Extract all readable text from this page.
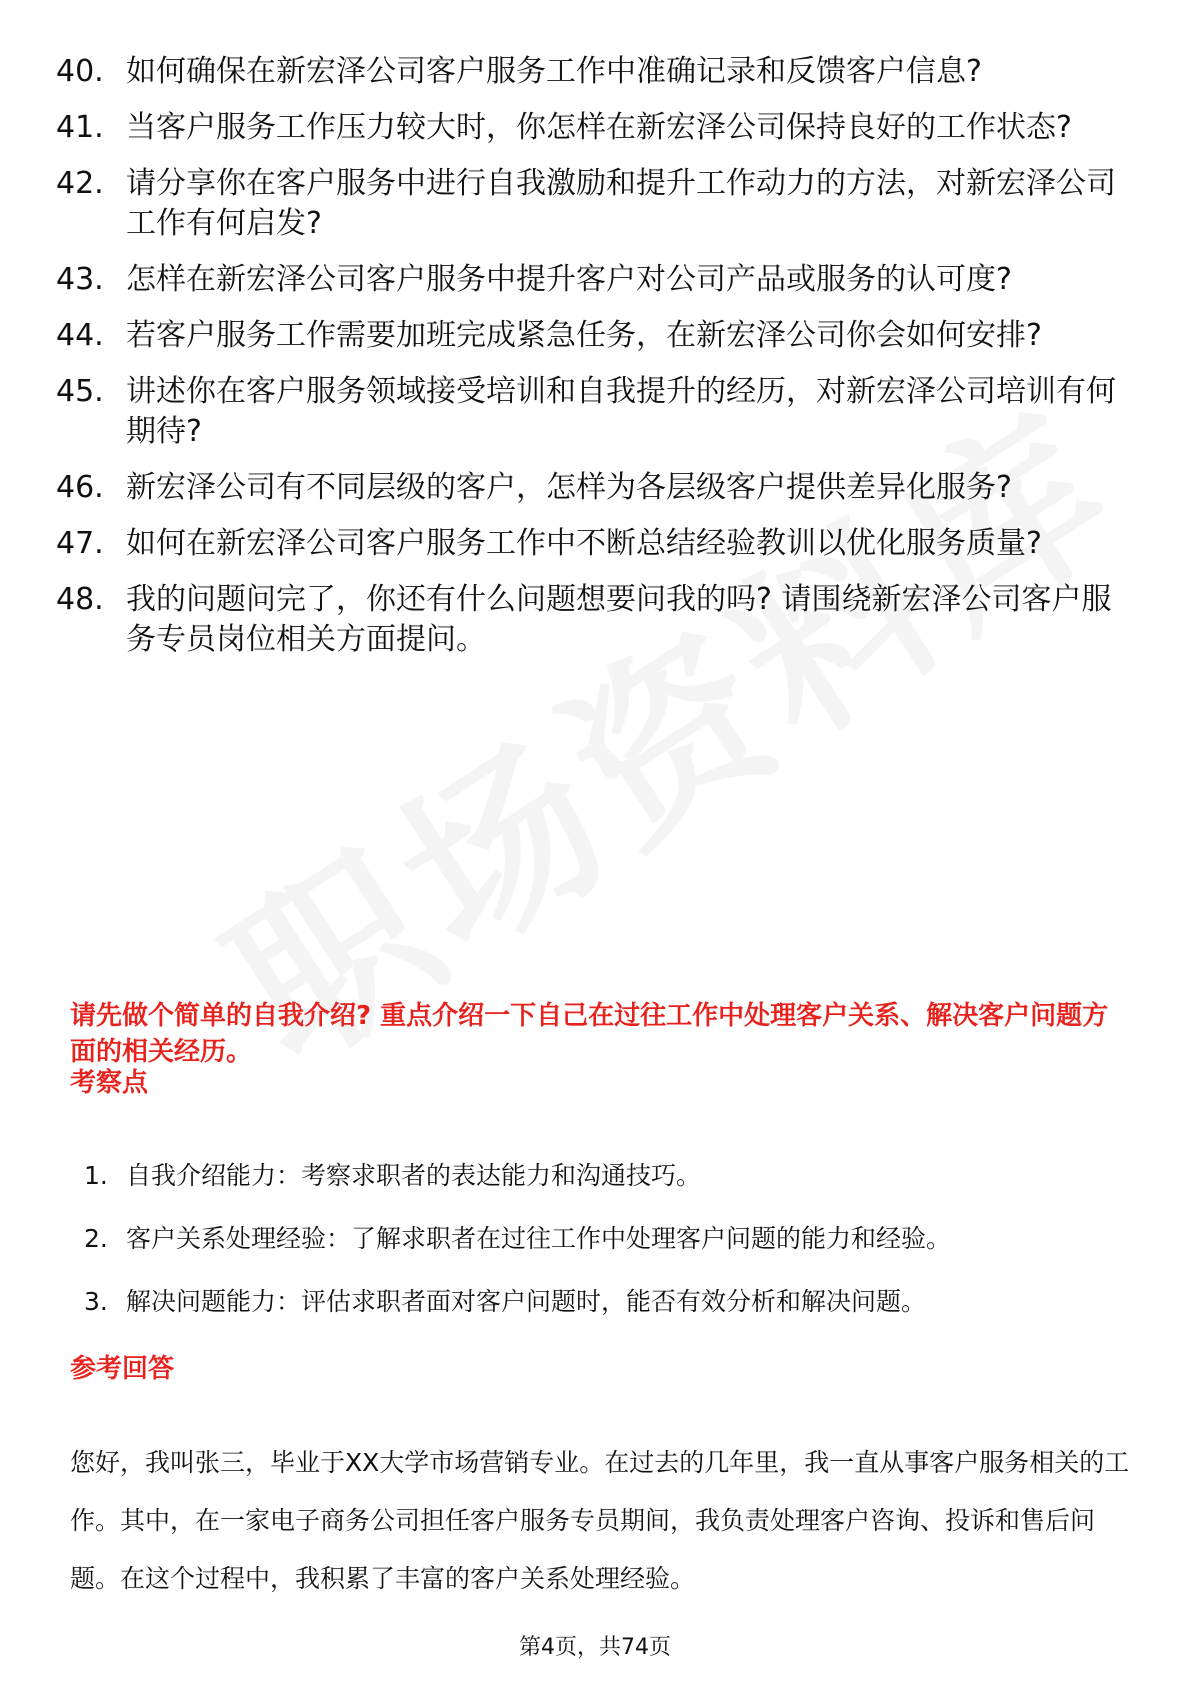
40. 如何确保在新宏泽公司客户服务工作中准确记录和反馈客户信息?
41. 当客户服务工作压力较大时，你怎样在新宏泽公司保持良好的工作状态?
42. 请分享你在客户服务中进行自我激励和提升工作动力的方法，对新宏泽公司工作有何启发?
43. 怎样在新宏泽公司客户服务中提升客户对公司产品或服务的认可度?
44. 若客户服务工作需要加班完成紧急任务，在新宏泽公司你会如何安排?
45. 讲述你在客户服务领域接受培训和自我提升的经历，对新宏泽公司培训有何期待?
46. 新宏泽公司有不同层级的客户，怎样为各层级客户提供差异化服务?
47. 如何在新宏泽公司客户服务工作中不断总结经验教训以优化服务质量?
48. 我的问题问完了，你还有什么问题想要问我的吗? 请围绕新宏泽公司客户服务专员岗位相关方面提问。
请先做个简单的自我介绍? 重点介绍一下自己在过往工作中处理客户关系、解决客户问题方面的相关经历。
考察点
1. 自我介绍能力：考察求职者的表达能力和沟通技巧。
2. 客户关系处理经验：了解求职者在过往工作中处理客户问题的能力和经验。
3. 解决问题能力：评估求职者面对客户问题时，能否有效分析和解决问题。
参考回答
您好，我叫张三，毕业于XX大学市场营销专业。在过去的几年里，我一直从事客户服务相关的工作。其中，在一家电子商务公司担任客户服务专员期间，我负责处理客户咨询、投诉和售后问题。在这个过程中，我积累了丰富的客户关系处理经验。
第4页，共74页
